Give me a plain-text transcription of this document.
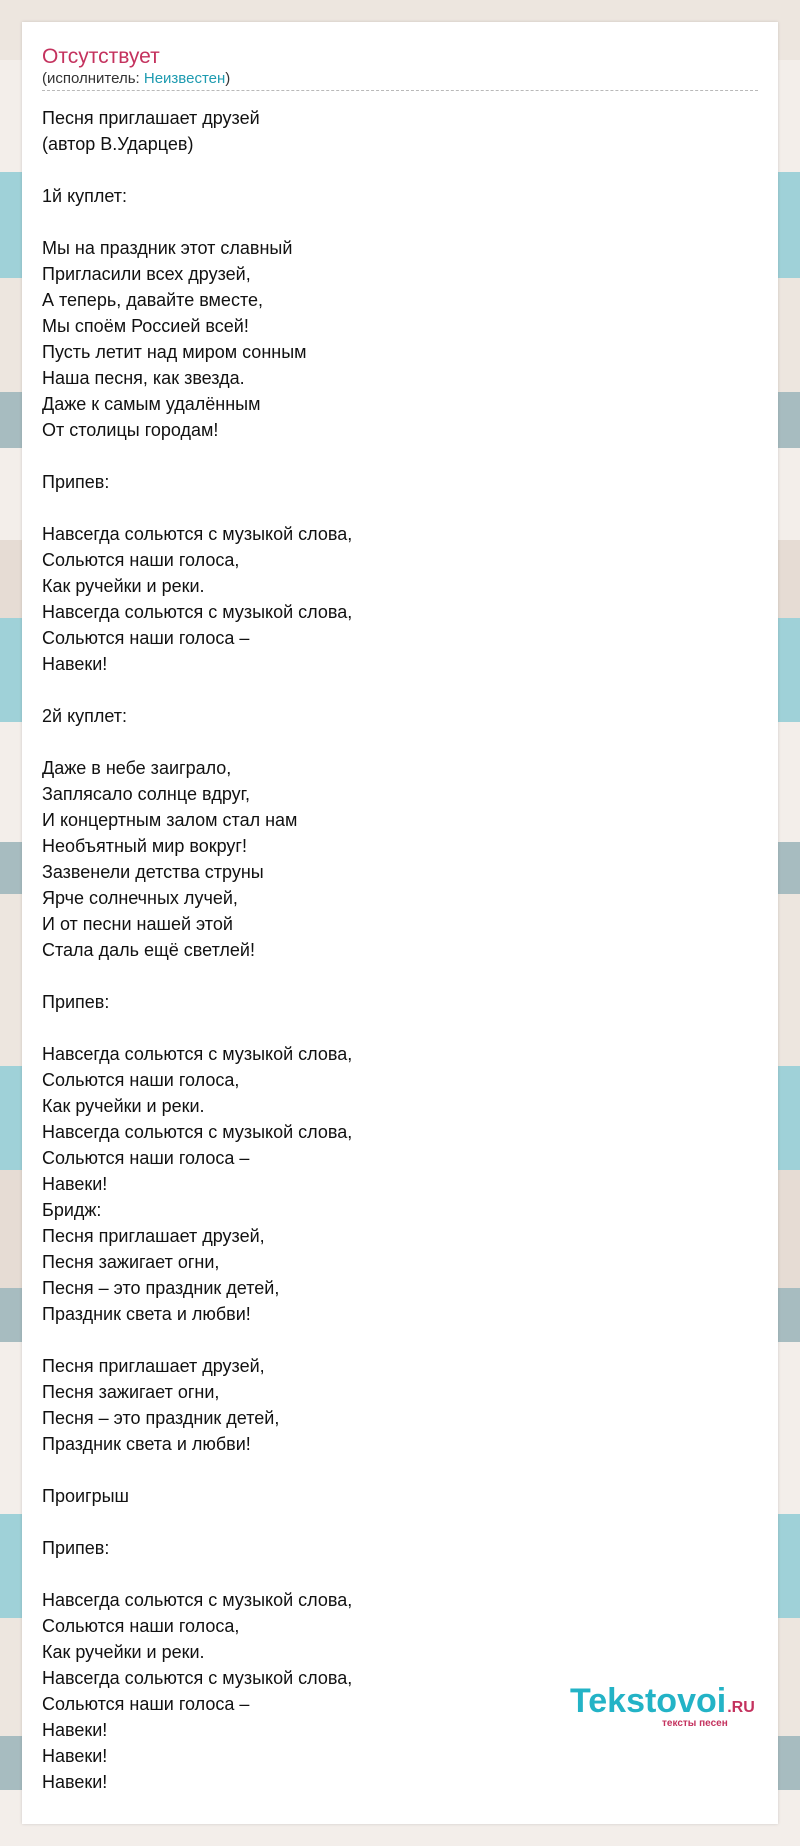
Отсутствует
(исполнитель: Неизвестен)

Песня приглашает друзей
(автор В.Ударцев)

1й куплет:

Мы на праздник этот славный
Пригласили всех друзей,
А теперь, давайте вместе,
Мы споём Россией всей!
Пусть летит над миром сонным
Наша песня, как звезда.
Даже к самым удалённым
От столицы городам!

Припев:

Навсегда сольются с музыкой слова,
Сольются наши голоса,
Как ручейки и реки.
Навсегда сольются с музыкой слова,
Сольются наши голоса –
Навеки!

2й куплет:

Даже в небе заиграло,
Заплясало солнце вдруг,
И концертным залом стал нам
Необъятный мир вокруг!
Зазвенели детства струны
Ярче солнечных лучей,
И от песни нашей этой
Стала даль ещё светлей!

Припев:

Навсегда сольются с музыкой слова,
Сольются наши голоса,
Как ручейки и реки.
Навсегда сольются с музыкой слова,
Сольются наши голоса –
Навеки!
Бридж:
Песня приглашает друзей,
Песня зажигает огни,
Песня – это праздник детей,
Праздник света и любви!

Песня приглашает друзей,
Песня зажигает огни,
Песня – это праздник детей,
Праздник света и любви!

Проигрыш

Припев:

Навсегда сольются с музыкой слова,
Сольются наши голоса,
Как ручейки и реки.
Навсегда сольются с музыкой слова,
Сольются наши голоса –
Навеки!
Навеки!
Навеки!

Tekstovoi.RU
тексты песен
